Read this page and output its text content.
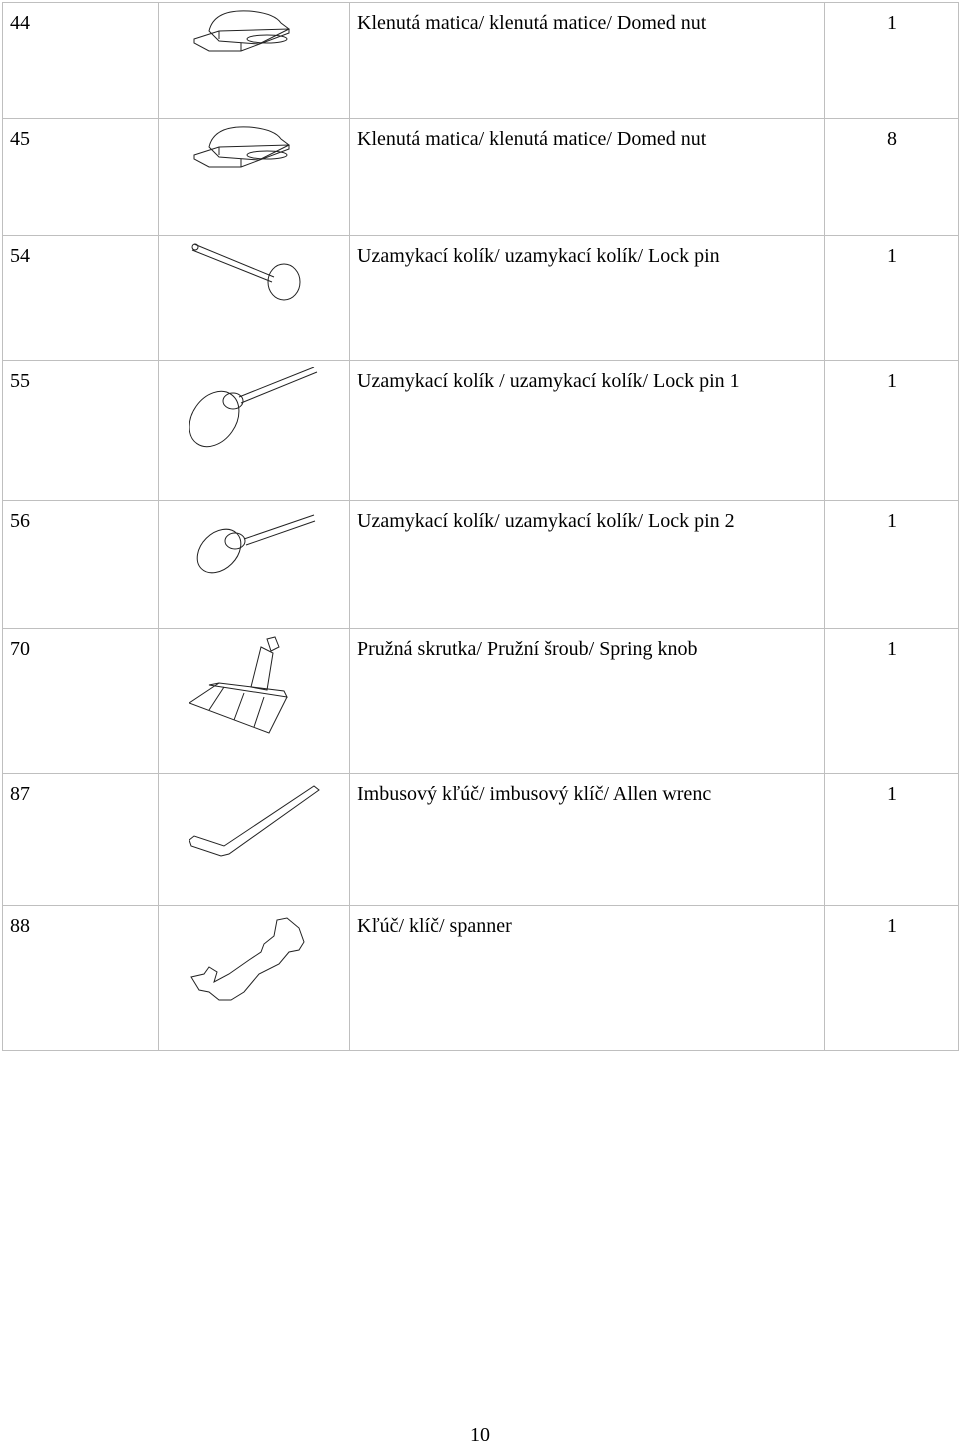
44		Klenutá matica/ klenutá matice/ Domed nut	1
45		Klenutá matica/ klenutá matice/ Domed nut	8
54		Uzamykací kolík/ uzamykací kolík/ Lock pin	1
55		Uzamykací kolík / uzamykací kolík/ Lock pin 1	1
56		Uzamykací kolík/ uzamykací kolík/ Lock pin 2	1
70		Pružná skrutka/ Pružní šroub/ Spring knob	1
87		Imbusový kľúč/ imbusový klíč/ Allen wrenc	1
88		Kľúč/ klíč/ spanner	1
10
